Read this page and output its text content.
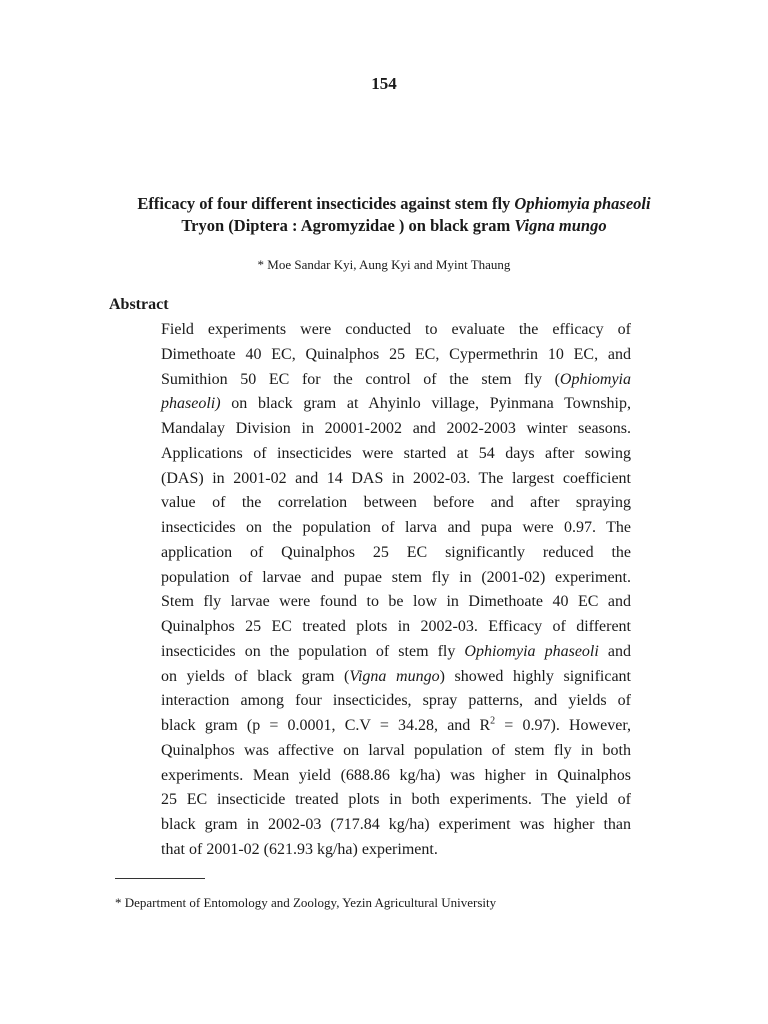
154
Efficacy of four different insecticides against stem fly Ophiomyia phaseoli
Tryon (Diptera : Agromyzidae ) on black gram Vigna mungo
* Moe Sandar Kyi, Aung Kyi and Myint Thaung
Abstract
Field experiments were conducted to evaluate the efficacy of
Dimethoate 40 EC, Quinalphos 25 EC, Cypermethrin 10 EC, and
Sumithion 50 EC for the control of the stem fly (Ophiomyia
phaseoli) on black gram at Ahyinlo village, Pyinmana Township,
Mandalay Division in 20001-2002 and 2002-2003 winter seasons.
Applications of insecticides were started at 54 days after sowing
(DAS) in 2001-02 and 14 DAS in 2002-03. The largest coefficient
value of the correlation between before and after spraying
insecticides on the population of larva and pupa were 0.97. The
application of Quinalphos 25 EC significantly reduced the
population of larvae and pupae stem fly in (2001-02) experiment.
Stem fly larvae were found to be low in Dimethoate 40 EC and
Quinalphos 25 EC treated plots in 2002-03. Efficacy of different
insecticides on the population of stem fly Ophiomyia phaseoli and
on yields of black gram (Vigna mungo) showed highly significant
interaction among four insecticides, spray patterns, and yields of
black gram (p = 0.0001, C.V = 34.28, and $R^2 = 0.97$). However,
Quinalphos was affective on larval population of stem fly in both
experiments. Mean yield (688.86 kg/ha) was higher in Quinalphos
25 EC insecticide treated plots in both experiments. The yield of
black gram in 2002-03 (717.84 kg/ha) experiment was higher than
that of 2001-02 (621.93 kg/ha) experiment.
* Department of Entomology and Zoology, Yezin Agricultural University
